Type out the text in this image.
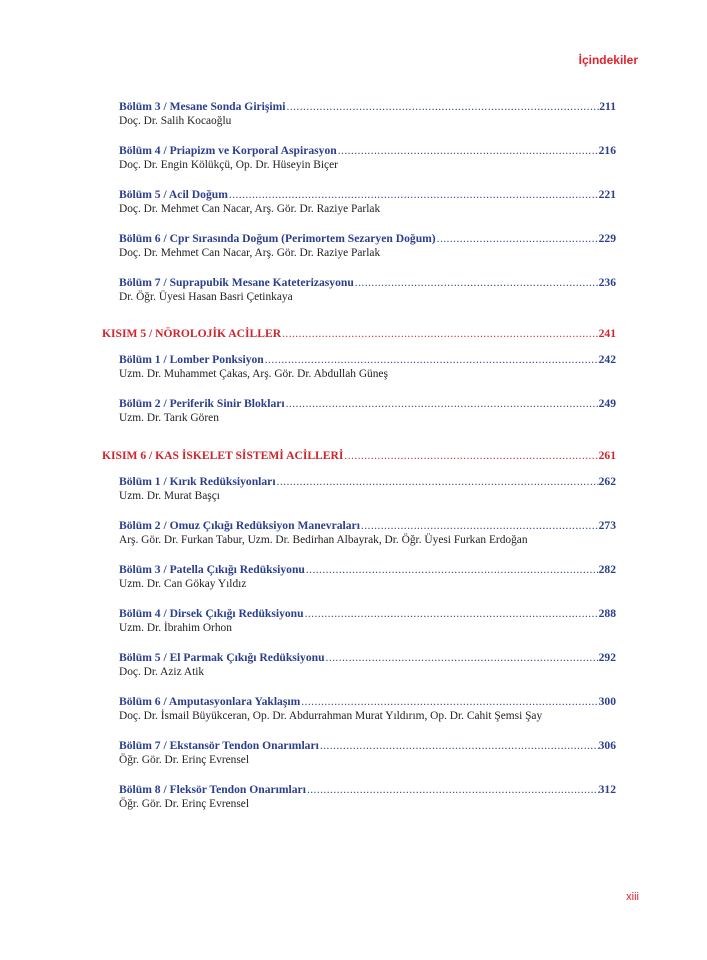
İçindekiler
Bölüm 3 / Mesane Sonda Girişimi .....	211
Doç. Dr. Salih Kocaoğlu
Bölüm 4 / Priapizm ve Korporal Aspirasyon .....	216
Doç. Dr. Engin Kölükçü, Op. Dr. Hüseyin Biçer
Bölüm 5 / Acil Doğum .....	221
Doç. Dr. Mehmet Can Nacar, Arş. Gör. Dr. Raziye Parlak
Bölüm 6 / Cpr Sırasında Doğum (Perimortem Sezaryen Doğum) .....	229
Doç. Dr. Mehmet Can Nacar, Arş. Gör. Dr. Raziye Parlak
Bölüm 7 / Suprapubik Mesane Kateterizasyonu .....	236
Dr. Öğr. Üyesi Hasan Basri Çetinkaya
KISIM 5 / NÖROLOJİK ACİLLER .....	241
Bölüm 1 / Lomber Ponksiyon .....	242
Uzm. Dr. Muhammet Çakas, Arş. Gör. Dr. Abdullah Güneş
Bölüm 2 / Periferik Sinir Blokları .....	249
Uzm. Dr. Tarık Gören
KISIM 6 / KAS İSKELET SİSTEMİ ACİLLERİ .....	261
Bölüm 1 / Kırık Redüksiyonları .....	262
Uzm. Dr. Murat Başçı
Bölüm 2 / Omuz Çıkığı Redüksiyon Manevraları .....	273
Arş. Gör. Dr. Furkan Tabur, Uzm. Dr. Bedirhan Albayrak, Dr. Öğr. Üyesi Furkan Erdoğan
Bölüm 3 / Patella Çıkığı Redüksiyonu .....	282
Uzm. Dr. Can Gökay Yıldız
Bölüm 4 / Dirsek Çıkığı Redüksiyonu .....	288
Uzm. Dr. İbrahim Orhon
Bölüm 5 / El Parmak Çıkığı Redüksiyonu .....	292
Doç. Dr. Aziz Atik
Bölüm 6 / Amputasyonlara Yaklaşım .....	300
Doç. Dr. İsmail Büyükceran, Op. Dr. Abdurrahman Murat Yıldırım, Op. Dr. Cahit Şemsi Şay
Bölüm 7 / Ekstansör Tendon Onarımları .....	306
Öğr. Gör. Dr. Erinç Evrensel
Bölüm 8 / Fleksör Tendon Onarımları .....	312
Öğr. Gör. Dr. Erinç Evrensel
xiii
